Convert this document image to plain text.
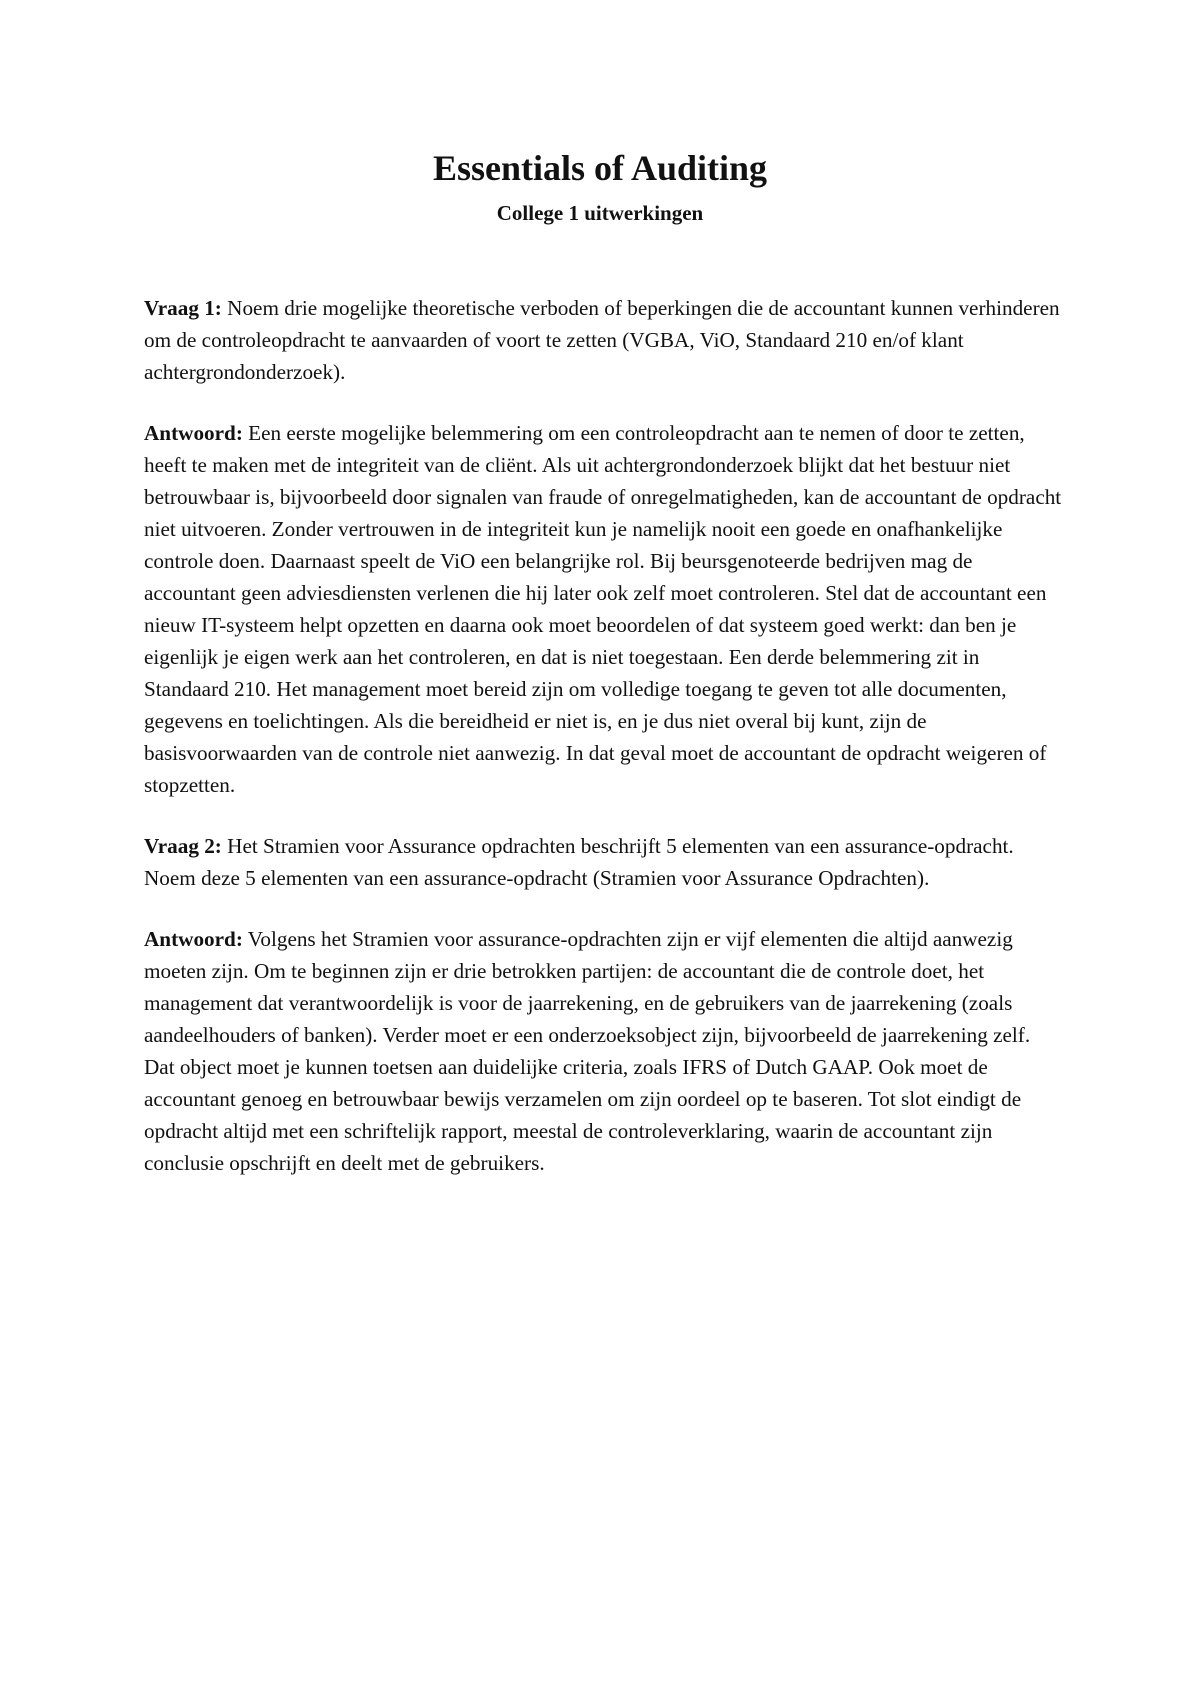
Essentials of Auditing
College 1 uitwerkingen

Vraag 1: Noem drie mogelijke theoretische verboden of beperkingen die de accountant kunnen verhinderen om de controleopdracht te aanvaarden of voort te zetten (VGBA, ViO, Standaard 210 en/of klant achtergrondonderzoek).

Antwoord: Een eerste mogelijke belemmering om een controleopdracht aan te nemen of door te zetten, heeft te maken met de integriteit van de cliënt. Als uit achtergrondonderzoek blijkt dat het bestuur niet betrouwbaar is, bijvoorbeeld door signalen van fraude of onregelmatigheden, kan de accountant de opdracht niet uitvoeren. Zonder vertrouwen in de integriteit kun je namelijk nooit een goede en onafhankelijke controle doen. Daarnaast speelt de ViO een belangrijke rol. Bij beursgenoteerde bedrijven mag de accountant geen adviesdiensten verlenen die hij later ook zelf moet controleren. Stel dat de accountant een nieuw IT-systeem helpt opzetten en daarna ook moet beoordelen of dat systeem goed werkt: dan ben je eigenlijk je eigen werk aan het controleren, en dat is niet toegestaan. Een derde belemmering zit in Standaard 210. Het management moet bereid zijn om volledige toegang te geven tot alle documenten, gegevens en toelichtingen. Als die bereidheid er niet is, en je dus niet overal bij kunt, zijn de basisvoorwaarden van de controle niet aanwezig. In dat geval moet de accountant de opdracht weigeren of stopzetten.

Vraag 2: Het Stramien voor Assurance opdrachten beschrijft 5 elementen van een assurance-opdracht. Noem deze 5 elementen van een assurance-opdracht (Stramien voor Assurance Opdrachten).

Antwoord: Volgens het Stramien voor assurance-opdrachten zijn er vijf elementen die altijd aanwezig moeten zijn. Om te beginnen zijn er drie betrokken partijen: de accountant die de controle doet, het management dat verantwoordelijk is voor de jaarrekening, en de gebruikers van de jaarrekening (zoals aandeelhouders of banken). Verder moet er een onderzoeksobject zijn, bijvoorbeeld de jaarrekening zelf. Dat object moet je kunnen toetsen aan duidelijke criteria, zoals IFRS of Dutch GAAP. Ook moet de accountant genoeg en betrouwbaar bewijs verzamelen om zijn oordeel op te baseren. Tot slot eindigt de opdracht altijd met een schriftelijk rapport, meestal de controleverklaring, waarin de accountant zijn conclusie opschrijft en deelt met de gebruikers.
